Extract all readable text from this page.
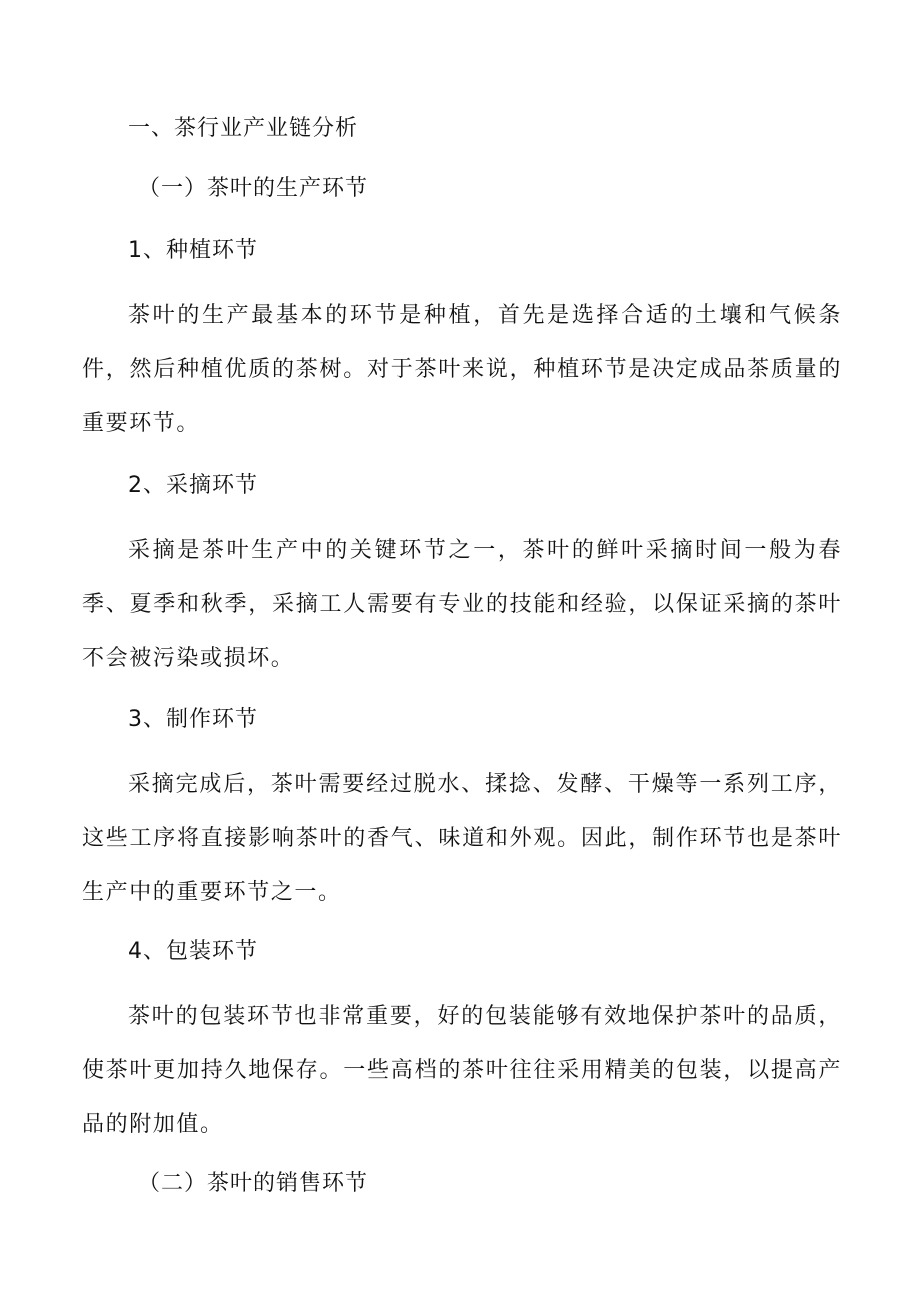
一、茶行业产业链分析
（一）茶叶的生产环节
1、种植环节
茶叶的生产最基本的环节是种植，首先是选择合适的土壤和气候条件，然后种植优质的茶树。对于茶叶来说，种植环节是决定成品茶质量的重要环节。
2、采摘环节
采摘是茶叶生产中的关键环节之一，茶叶的鲜叶采摘时间一般为春季、夏季和秋季，采摘工人需要有专业的技能和经验，以保证采摘的茶叶不会被污染或损坏。
3、制作环节
采摘完成后，茶叶需要经过脱水、揉捻、发酵、干燥等一系列工序，这些工序将直接影响茶叶的香气、味道和外观。因此，制作环节也是茶叶生产中的重要环节之一。
4、包装环节
茶叶的包装环节也非常重要，好的包装能够有效地保护茶叶的品质，使茶叶更加持久地保存。一些高档的茶叶往往采用精美的包装，以提高产品的附加值。
（二）茶叶的销售环节
